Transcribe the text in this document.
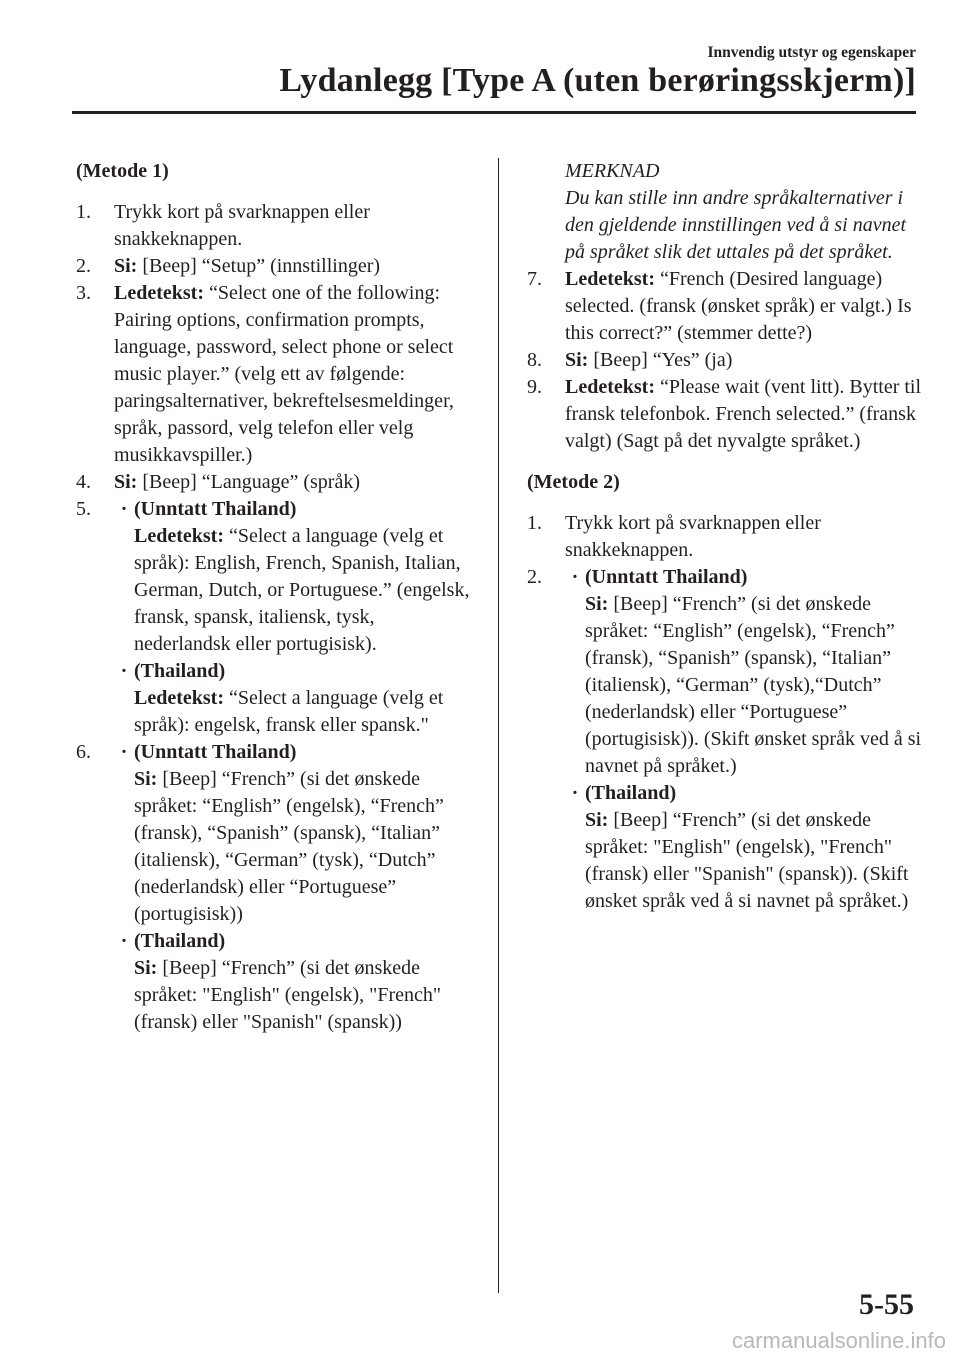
Innvendig utstyr og egenskaper
Lydanlegg [Type A (uten berøringsskjerm)]

(Metode 1)

1.	Trykk kort på svarknappen eller snakkeknappen.
2.	Si: [Beep] “Setup” (innstillinger)
3.	Ledetekst: “Select one of the following: Pairing options, confirmation prompts, language, password, select phone or select music player.” (velg ett av følgende: paringsalternativer, bekreftelsesmeldinger, språk, passord, velg telefon eller velg musikkavspiller.)
4.	Si: [Beep] “Language” (språk)
5.	· (Unntatt Thailand)
Ledetekst: “Select a language (velg et språk): English, French, Spanish, Italian, German, Dutch, or Portuguese.” (engelsk, fransk, spansk, italiensk, tysk, nederlandsk eller portugisisk).
· (Thailand)
Ledetekst: “Select a language (velg et språk): engelsk, fransk eller spansk."
6.	· (Unntatt Thailand)
Si: [Beep] “French” (si det ønskede språket: “English” (engelsk), “French” (fransk), “Spanish” (spansk), “Italian” (italiensk), “German” (tysk), “Dutch” (nederlandsk) eller “Portuguese” (portugisisk))
· (Thailand)
Si: [Beep] “French” (si det ønskede språket: "English" (engelsk), "French" (fransk) eller "Spanish" (spansk))
MERKNAD
Du kan stille inn andre språkalternativer i den gjeldende innstillingen ved å si navnet på språket slik det uttales på det språket.
7.	Ledetekst: “French (Desired language) selected. (fransk (ønsket språk) er valgt.) Is this correct?” (stemmer dette?)
8.	Si: [Beep] “Yes” (ja)
9.	Ledetekst: “Please wait (vent litt). Bytter til fransk telefonbok. French selected.” (fransk valgt) (Sagt på det nyvalgte språket.)

(Metode 2)

1.	Trykk kort på svarknappen eller snakkeknappen.
2.	· (Unntatt Thailand)
Si: [Beep] “French” (si det ønskede språket: “English” (engelsk), “French” (fransk), “Spanish” (spansk), “Italian” (italiensk), “German” (tysk),“Dutch” (nederlandsk) eller “Portuguese” (portugisisk)). (Skift ønsket språk ved å si navnet på språket.)
· (Thailand)
Si: [Beep] “French” (si det ønskede språket: "English" (engelsk), "French" (fransk) eller "Spanish" (spansk)). (Skift ønsket språk ved å si navnet på språket.)
5-55
carmanualsonline.info
